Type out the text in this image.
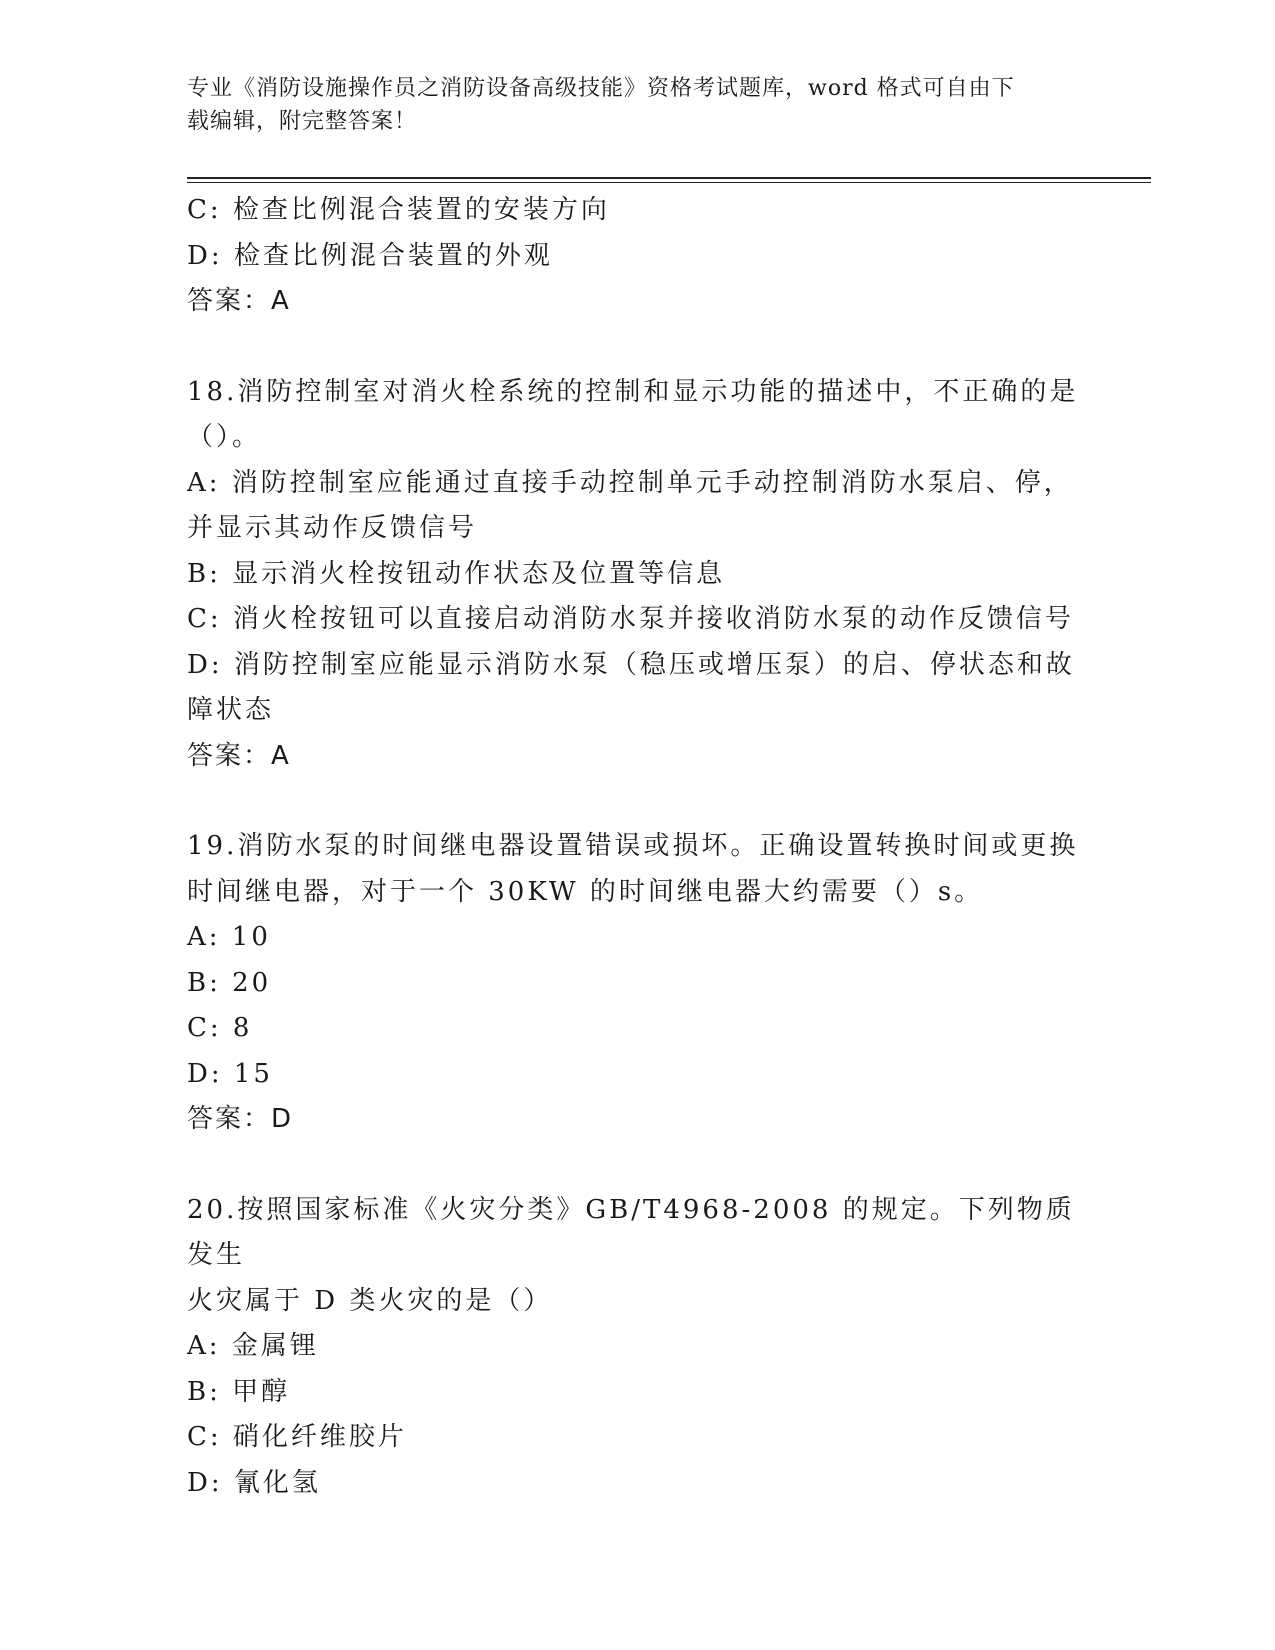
专业《消防设施操作员之消防设备高级技能》资格考试题库，word 格式可自由下
载编辑，附完整答案！
C: 检查比例混合装置的安装方向
D: 检查比例混合装置的外观
答案：A
18.消防控制室对消火栓系统的控制和显示功能的描述中，不正确的是
（）。
A: 消防控制室应能通过直接手动控制单元手动控制消防水泵启、停，
并显示其动作反馈信号
B: 显示消火栓按钮动作状态及位置等信息
C: 消火栓按钮可以直接启动消防水泵并接收消防水泵的动作反馈信号
D: 消防控制室应能显示消防水泵（稳压或增压泵）的启、停状态和故
障状态
答案：A
19.消防水泵的时间继电器设置错误或损坏。正确设置转换时间或更换
时间继电器，对于一个 30KW 的时间继电器大约需要（）s。
A: 10
B: 20
C: 8
D: 15
答案：D
20.按照国家标准《火灾分类》GB/T4968-2008 的规定。下列物质发生
火灾属于 D 类火灾的是（）
A: 金属锂
B: 甲醇
C: 硝化纤维胶片
D: 氰化氢
